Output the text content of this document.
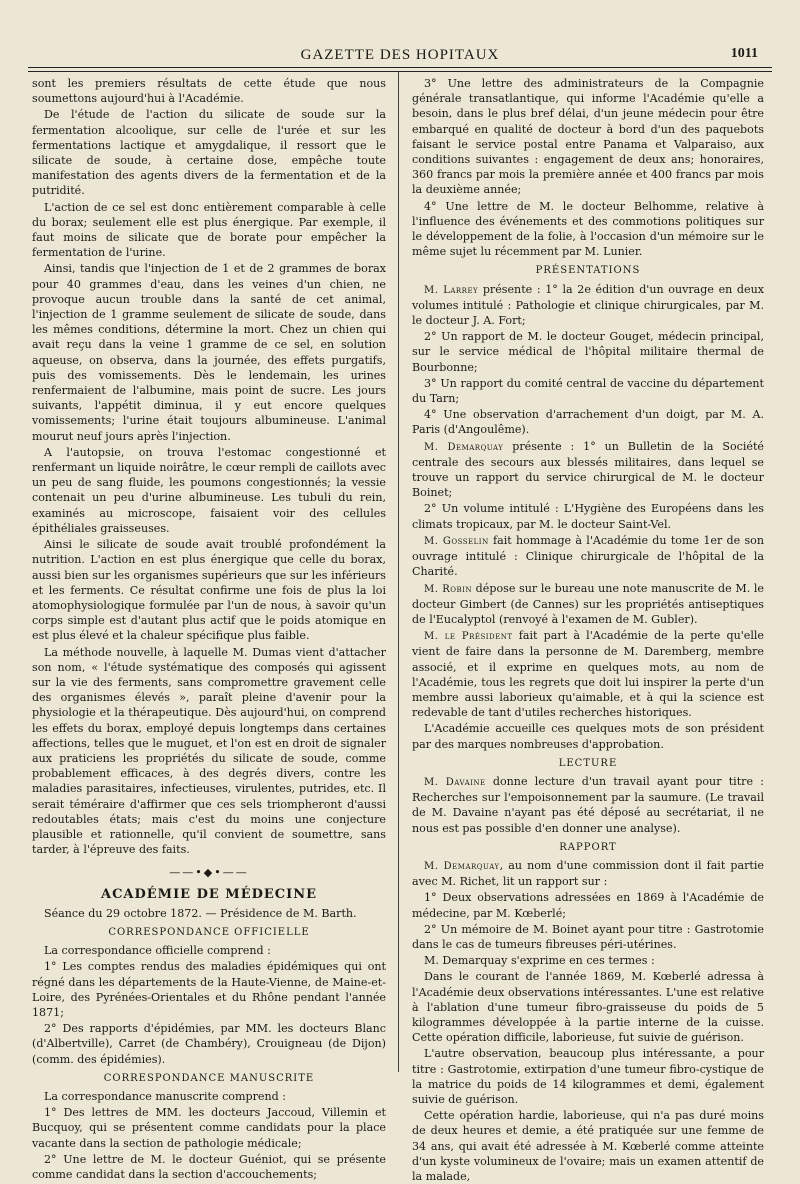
GAZETTE DES HOPITAUX	1011

sont les premiers résultats de cette étude que nous soumettons aujourd'hui à l'Académie.

De l'étude de l'action du silicate de soude sur la fermentation alcoolique, sur celle de l'urée et sur les fermentations lactique et amygdalique, il ressort que le silicate de soude, à certaine dose, empêche toute manifestation des agents divers de la fermentation et de la putridité.

L'action de ce sel est donc entièrement comparable à celle du borax; seulement elle est plus énergique. Par exemple, il faut moins de silicate que de borate pour empêcher la fermentation de l'urine.

Ainsi, tandis que l'injection de 1 et de 2 grammes de borax pour 40 grammes d'eau, dans les veines d'un chien, ne provoque aucun trouble dans la santé de cet animal, l'injection de 1 gramme seulement de silicate de soude, dans les mêmes conditions, détermine la mort. Chez un chien qui avait reçu dans la veine 1 gramme de ce sel, en solution aqueuse, on observa, dans la journée, des effets purgatifs, puis des vomissements. Dès le lendemain, les urines renfermaient de l'albumine, mais point de sucre. Les jours suivants, l'appétit diminua, il y eut encore quelques vomissements; l'urine était toujours albumineuse. L'animal mourut neuf jours après l'injection.

A l'autopsie, on trouva l'estomac congestionné et renfermant un liquide noirâtre, le cœur rempli de caillots avec un peu de sang fluide, les poumons congestionnés; la vessie contenait un peu d'urine albumineuse. Les tubuli du rein, examinés au microscope, faisaient voir des cellules épithéliales graisseuses.

Ainsi le silicate de soude avait troublé profondément la nutrition. L'action en est plus énergique que celle du borax, aussi bien sur les organismes supérieurs que sur les inférieurs et les ferments. Ce résultat confirme une fois de plus la loi atomophysiologique formulée par l'un de nous, à savoir qu'un corps simple est d'autant plus actif que le poids atomique en est plus élevé et la chaleur spécifique plus faible.

La méthode nouvelle, à laquelle M. Dumas vient d'attacher son nom, « l'étude systématique des composés qui agissent sur la vie des ferments, sans compromettre gravement celle des organismes élevés », paraît pleine d'avenir pour la physiologie et la thérapeutique. Dès aujourd'hui, on comprend les effets du borax, employé depuis longtemps dans certaines affections, telles que le muguet, et l'on est en droit de signaler aux praticiens les propriétés du silicate de soude, comme probablement efficaces, à des degrés divers, contre les maladies parasitaires, infectieuses, virulentes, putrides, etc. Il serait téméraire d'affirmer que ces sels triompheront d'aussi redoutables états; mais c'est du moins une conjecture plausible et rationnelle, qu'il convient de soumettre, sans tarder, à l'épreuve des faits.

——•◆•——
ACADÉMIE DE MÉDECINE

Séance du 29 octobre 1872. — Présidence de M. Barth.

CORRESPONDANCE OFFICIELLE

La correspondance officielle comprend :

1° Les comptes rendus des maladies épidémiques qui ont régné dans les départements de la Haute-Vienne, de Maine-et-Loire, des Pyrénées-Orientales et du Rhône pendant l'année 1871;

2° Des rapports d'épidémies, par MM. les docteurs Blanc (d'Albertville), Carret (de Chambéry), Crouigneau (de Dijon) (comm. des épidémies).

CORRESPONDANCE MANUSCRITE

La correspondance manuscrite comprend :

1° Des lettres de MM. les docteurs Jaccoud, Villemin et Bucquoy, qui se présentent comme candidats pour la place vacante dans la section de pathologie médicale;

2° Une lettre de M. le docteur Guéniot, qui se présente comme candidat dans la section d'accouchements;

3° Une lettre des administrateurs de la Compagnie générale transatlantique, qui informe l'Académie qu'elle a besoin, dans le plus bref délai, d'un jeune médecin pour être embarqué en qualité de docteur à bord d'un des paquebots faisant le service postal entre Panama et Valparaiso, aux conditions suivantes : engagement de deux ans; honoraires, 360 francs par mois la première année et 400 francs par mois la deuxième année;

4° Une lettre de M. le docteur Belhomme, relative à l'influence des événements et des commotions politiques sur le développement de la folie, à l'occasion d'un mémoire sur le même sujet lu récemment par M. Lunier.

PRÉSENTATIONS

M. Larrey présente : 1° la 2e édition d'un ouvrage en deux volumes intitulé : Pathologie et clinique chirurgicales, par M. le docteur J. A. Fort;

2° Un rapport de M. le docteur Gouget, médecin principal, sur le service médical de l'hôpital militaire thermal de Bourbonne;

3° Un rapport du comité central de vaccine du département du Tarn;

4° Une observation d'arrachement d'un doigt, par M. A. Paris (d'Angoulême).

M. Demarquay présente : 1° un Bulletin de la Société centrale des secours aux blessés militaires, dans lequel se trouve un rapport du service chirurgical de M. le docteur Boinet;

2° Un volume intitulé : L'Hygiène des Européens dans les climats tropicaux, par M. le docteur Saint-Vel.

M. Gosselin fait hommage à l'Académie du tome 1er de son ouvrage intitulé : Clinique chirurgicale de l'hôpital de la Charité.

M. Robin dépose sur le bureau une note manuscrite de M. le docteur Gimbert (de Cannes) sur les propriétés antiseptiques de l'Eucalyptol (renvoyé à l'examen de M. Gubler).

M. le Président fait part à l'Académie de la perte qu'elle vient de faire dans la personne de M. Daremberg, membre associé, et il exprime en quelques mots, au nom de l'Académie, tous les regrets que doit lui inspirer la perte d'un membre aussi laborieux qu'aimable, et à qui la science est redevable de tant d'utiles recherches historiques.

L'Académie accueille ces quelques mots de son président par des marques nombreuses d'approbation.

LECTURE

M. Davaine donne lecture d'un travail ayant pour titre : Recherches sur l'empoisonnement par la saumure. (Le travail de M. Davaine n'ayant pas été déposé au secrétariat, il ne nous est pas possible d'en donner une analyse).

RAPPORT

M. Demarquay, au nom d'une commission dont il fait partie avec M. Richet, lit un rapport sur :

1° Deux observations adressées en 1869 à l'Académie de médecine, par M. Kœberlé;

2° Un mémoire de M. Boinet ayant pour titre : Gastrotomie dans le cas de tumeurs fibreuses péri-utérines.

M. Demarquay s'exprime en ces termes :

Dans le courant de l'année 1869, M. Kœberlé adressa à l'Académie deux observations intéressantes. L'une est relative à l'ablation d'une tumeur fibro-graisseuse du poids de 5 kilogrammes développée à la partie interne de la cuisse. Cette opération difficile, laborieuse, fut suivie de guérison.

L'autre observation, beaucoup plus intéressante, a pour titre : Gastrotomie, extirpation d'une tumeur fibro-cystique de la matrice du poids de 14 kilogrammes et demi, également suivie de guérison.

Cette opération hardie, laborieuse, qui n'a pas duré moins de deux heures et demie, a été pratiquée sur une femme de 34 ans, qui avait été adressée à M. Kœberlé comme atteinte d'un kyste volumineux de l'ovaire; mais un examen attentif de la malade,
